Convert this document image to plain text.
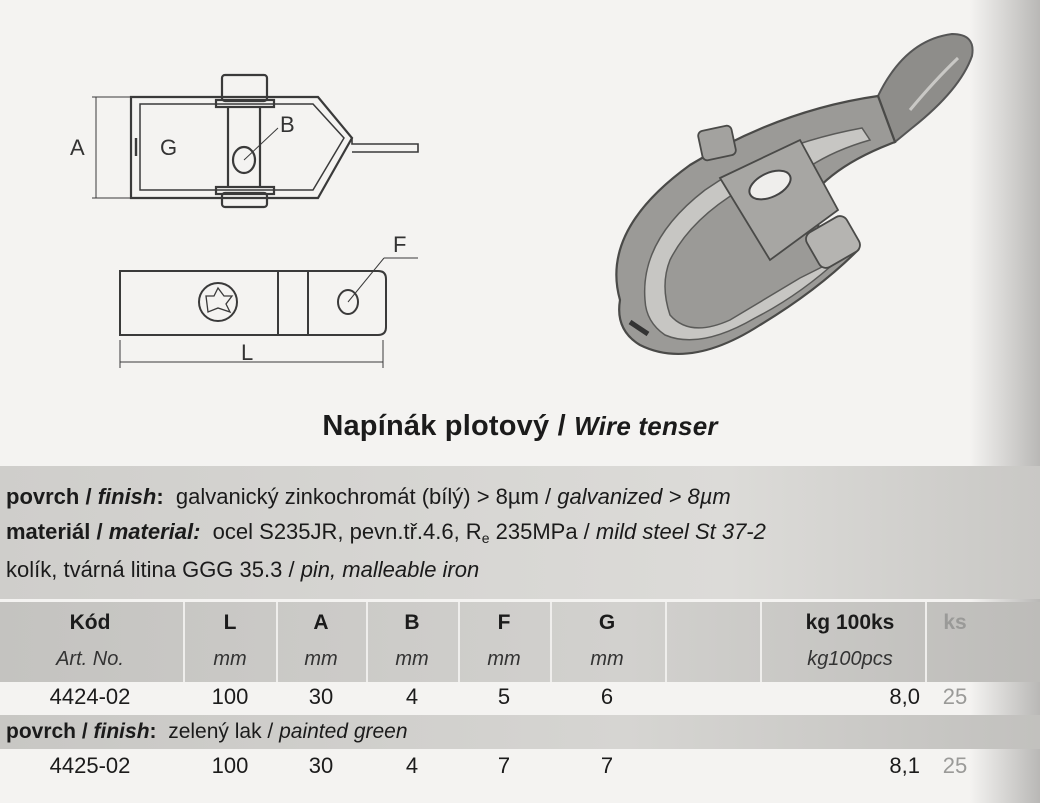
A	G
B
F
L
Napínák plotový / Wire tenser
povrch / finish: galvanický zinkochromát (bílý) > 8µm / galvanized > 8µm
materiál / material: ocel S235JR, pevn.tř.4.6, $R_e$ 235MPa / mild steel St 37-2
kolík, tvárná litina GGG 35.3 / pin, malleable iron
Kód	L	A	B	F	G	kg 100ks	ks
Art. No.	mm	mm	mm	mm	mm	kg100pcs
4424-02	100	30	4	5	6	8,0	25
povrch / finish: zelený lak / painted green
4425-02	100	30	4	7	7	8,1	25
